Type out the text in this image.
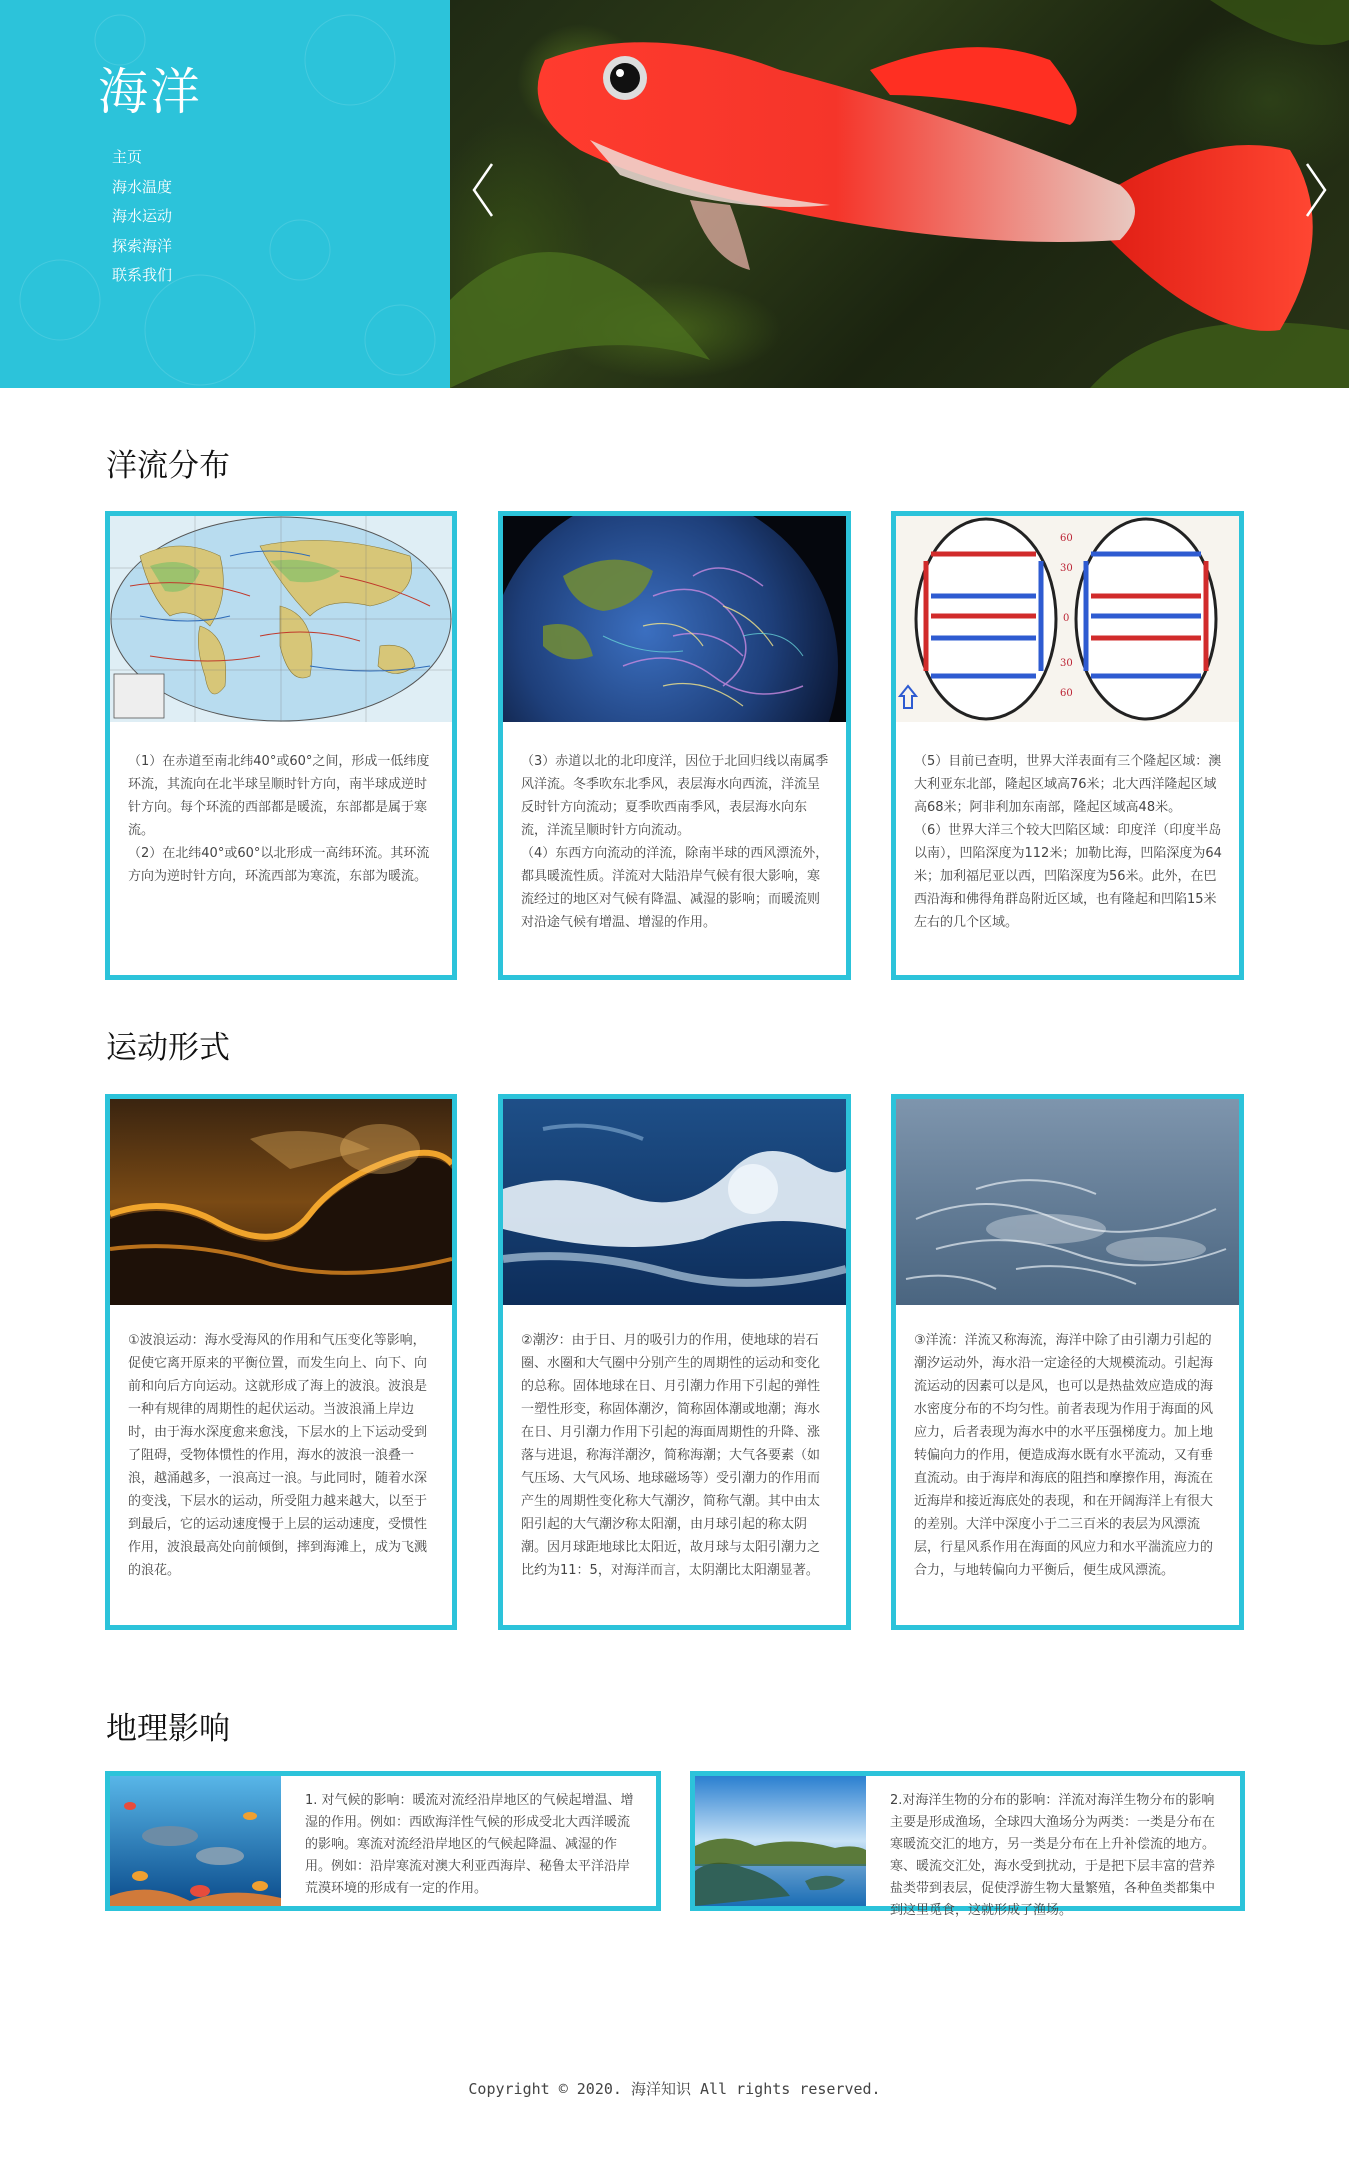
海洋
主页
海水温度
海水运动
探索海洋
联系我们
洋流分布
（1）在赤道至南北纬40°或60°之间，形成一低纬度环流，其流向在北半球呈顺时针方向，南半球成逆时针方向。每个环流的西部都是暖流，东部都是属于寒流。
（2）在北纬40°或60°以北形成一高纬环流。其环流方向为逆时针方向，环流西部为寒流，东部为暖流。
（3）赤道以北的北印度洋，因位于北回归线以南属季风洋流。冬季吹东北季风，表层海水向西流，洋流呈反时针方向流动；夏季吹西南季风，表层海水向东流，洋流呈顺时针方向流动。
（4）东西方向流动的洋流，除南半球的西风漂流外，都具暖流性质。洋流对大陆沿岸气候有很大影响，寒流经过的地区对气候有降温、减湿的影响；而暖流则对沿途气候有增温、增湿的作用。
60
30
0
30
60
（5）目前已查明，世界大洋表面有三个隆起区域：澳大利亚东北部，隆起区域高76米；北大西洋隆起区域高68米；阿非利加东南部，隆起区域高48米。
（6）世界大洋三个较大凹陷区域：印度洋（印度半岛以南），凹陷深度为112米；加勒比海，凹陷深度为64米；加利福尼亚以西，凹陷深度为56米。此外，在巴西沿海和佛得角群岛附近区域，也有隆起和凹陷15米左右的几个区域。
运动形式
①波浪运动：海水受海风的作用和气压变化等影响，促使它离开原来的平衡位置，而发生向上、向下、向前和向后方向运动。这就形成了海上的波浪。波浪是一种有规律的周期性的起伏运动。当波浪涌上岸边时，由于海水深度愈来愈浅，下层水的上下运动受到了阻碍，受物体惯性的作用，海水的波浪一浪叠一浪，越涌越多，一浪高过一浪。与此同时，随着水深的变浅，下层水的运动，所受阻力越来越大，以至于到最后，它的运动速度慢于上层的运动速度，受惯性作用，波浪最高处向前倾倒，摔到海滩上，成为飞溅的浪花。
②潮汐：由于日、月的吸引力的作用，使地球的岩石圈、水圈和大气圈中分别产生的周期性的运动和变化的总称。固体地球在日、月引潮力作用下引起的弹性一塑性形变，称固体潮汐，简称固体潮或地潮；海水在日、月引潮力作用下引起的海面周期性的升降、涨落与进退，称海洋潮汐，简称海潮；大气各要素（如气压场、大气风场、地球磁场等）受引潮力的作用而产生的周期性变化称大气潮汐，简称气潮。其中由太阳引起的大气潮汐称太阳潮，由月球引起的称太阴潮。因月球距地球比太阳近，故月球与太阳引潮力之比约为11：5，对海洋而言，太阴潮比太阳潮显著。
③洋流：洋流又称海流，海洋中除了由引潮力引起的潮汐运动外，海水沿一定途径的大规模流动。引起海流运动的因素可以是风，也可以是热盐效应造成的海水密度分布的不均匀性。前者表现为作用于海面的风应力，后者表现为海水中的水平压强梯度力。加上地转偏向力的作用，便造成海水既有水平流动，又有垂直流动。由于海岸和海底的阻挡和摩擦作用，海流在近海岸和接近海底处的表现，和在开阔海洋上有很大的差别。大洋中深度小于二三百米的表层为风漂流层，行星风系作用在海面的风应力和水平湍流应力的合力，与地转偏向力平衡后，便生成风漂流。
地理影响
1. 对气候的影响：暖流对流经沿岸地区的气候起增温、增湿的作用。例如：西欧海洋性气候的形成受北大西洋暖流的影响。寒流对流经沿岸地区的气候起降温、减湿的作用。例如：沿岸寒流对澳大利亚西海岸、秘鲁太平洋沿岸荒漠环境的形成有一定的作用。
2.对海洋生物的分布的影响：洋流对海洋生物分布的影响主要是形成渔场，全球四大渔场分为两类：一类是分布在寒暖流交汇的地方，另一类是分布在上升补偿流的地方。寒、暖流交汇处，海水受到扰动，于是把下层丰富的营养盐类带到表层，促使浮游生物大量繁殖，各种鱼类都集中到这里觅食，这就形成了渔场。
Copyright © 2020. 海洋知识 All rights reserved.
